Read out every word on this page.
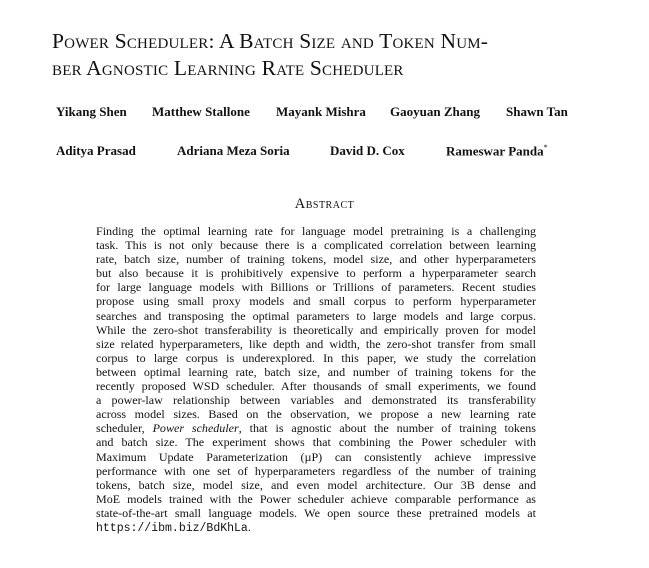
Power Scheduler: A Batch Size and Token Num-
ber Agnostic Learning Rate Scheduler
Yikang Shen Matthew Stallone Mayank Mishra Gaoyuan Zhang Shawn Tan
Aditya Prasad	Adriana Meza Soria	David D. Cox	Rameswar Panda*
Abstract
Finding the optimal learning rate for language model pretraining is a challenging
task. This is not only because there is a complicated correlation between learning
rate, batch size, number of training tokens, model size, and other hyperparameters
but also because it is prohibitively expensive to perform a hyperparameter search
for large language models with Billions or Trillions of parameters. Recent studies
propose using small proxy models and small corpus to perform hyperparameter
searches and transposing the optimal parameters to large models and large corpus.
While the zero-shot transferability is theoretically and empirically proven for model
size related hyperparameters, like depth and width, the zero-shot transfer from small
corpus to large corpus is underexplored. In this paper, we study the correlation
between optimal learning rate, batch size, and number of training tokens for the
recently proposed WSD scheduler. After thousands of small experiments, we found
a power-law relationship between variables and demonstrated its transferability
across model sizes. Based on the observation, we propose a new learning rate
scheduler, Power scheduler, that is agnostic about the number of training tokens
and batch size. The experiment shows that combining the Power scheduler with
Maximum Update Parameterization (µP) can consistently achieve impressive
performance with one set of hyperparameters regardless of the number of training
tokens, batch size, model size, and even model architecture. Our 3B dense and
MoE models trained with the Power scheduler achieve comparable performance as
state-of-the-art small language models. We open source these pretrained models at
https://ibm.biz/BdKhLa.
